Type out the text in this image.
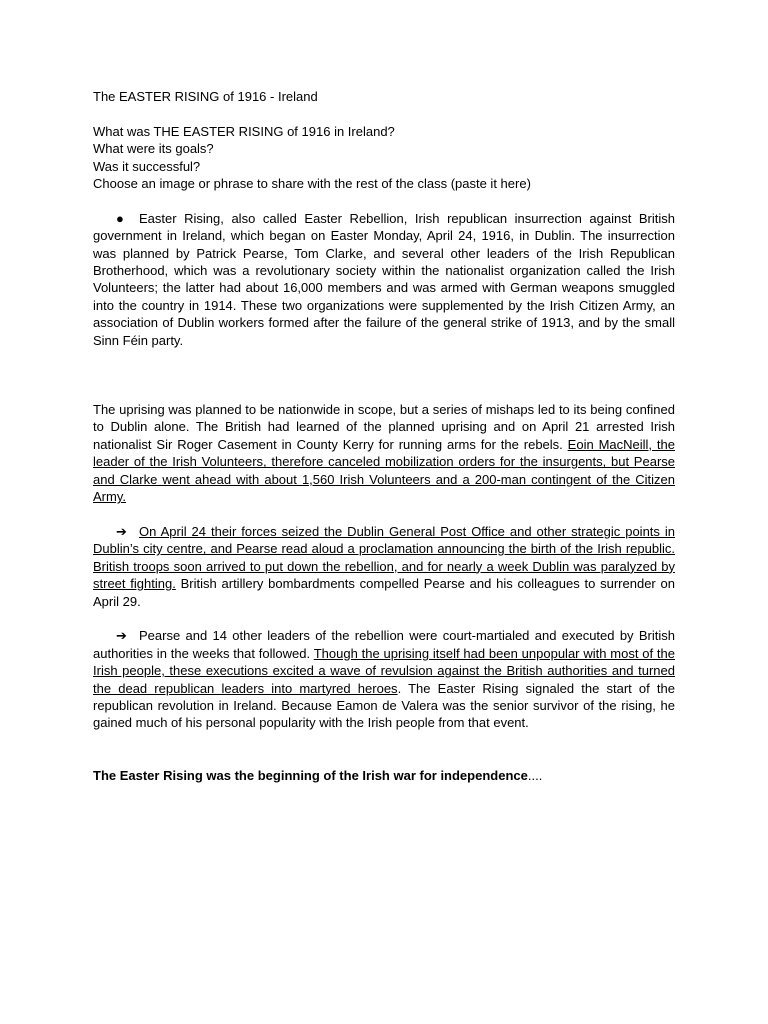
The EASTER RISING of 1916 - Ireland
What was THE EASTER RISING of 1916 in Ireland?
What were its goals?
Was it successful?
Choose an image or phrase to share with the rest of the class (paste it here)
● Easter Rising, also called Easter Rebellion, Irish republican insurrection against British government in Ireland, which began on Easter Monday, April 24, 1916, in Dublin. The insurrection was planned by Patrick Pearse, Tom Clarke, and several other leaders of the Irish Republican Brotherhood, which was a revolutionary society within the nationalist organization called the Irish Volunteers; the latter had about 16,000 members and was armed with German weapons smuggled into the country in 1914. These two organizations were supplemented by the Irish Citizen Army, an association of Dublin workers formed after the failure of the general strike of 1913, and by the small Sinn Féin party.
The uprising was planned to be nationwide in scope, but a series of mishaps led to its being confined to Dublin alone. The British had learned of the planned uprising and on April 21 arrested Irish nationalist Sir Roger Casement in County Kerry for running arms for the rebels. Eoin MacNeill, the leader of the Irish Volunteers, therefore canceled mobilization orders for the insurgents, but Pearse and Clarke went ahead with about 1,560 Irish Volunteers and a 200-man contingent of the Citizen Army.
➔ On April 24 their forces seized the Dublin General Post Office and other strategic points in Dublin’s city centre, and Pearse read aloud a proclamation announcing the birth of the Irish republic. British troops soon arrived to put down the rebellion, and for nearly a week Dublin was paralyzed by street fighting. British artillery bombardments compelled Pearse and his colleagues to surrender on April 29.
➔ Pearse and 14 other leaders of the rebellion were court-martialed and executed by British authorities in the weeks that followed. Though the uprising itself had been unpopular with most of the Irish people, these executions excited a wave of revulsion against the British authorities and turned the dead republican leaders into martyred heroes. The Easter Rising signaled the start of the republican revolution in Ireland. Because Eamon de Valera was the senior survivor of the rising, he gained much of his personal popularity with the Irish people from that event.
The Easter Rising was the beginning of the Irish war for independence....
